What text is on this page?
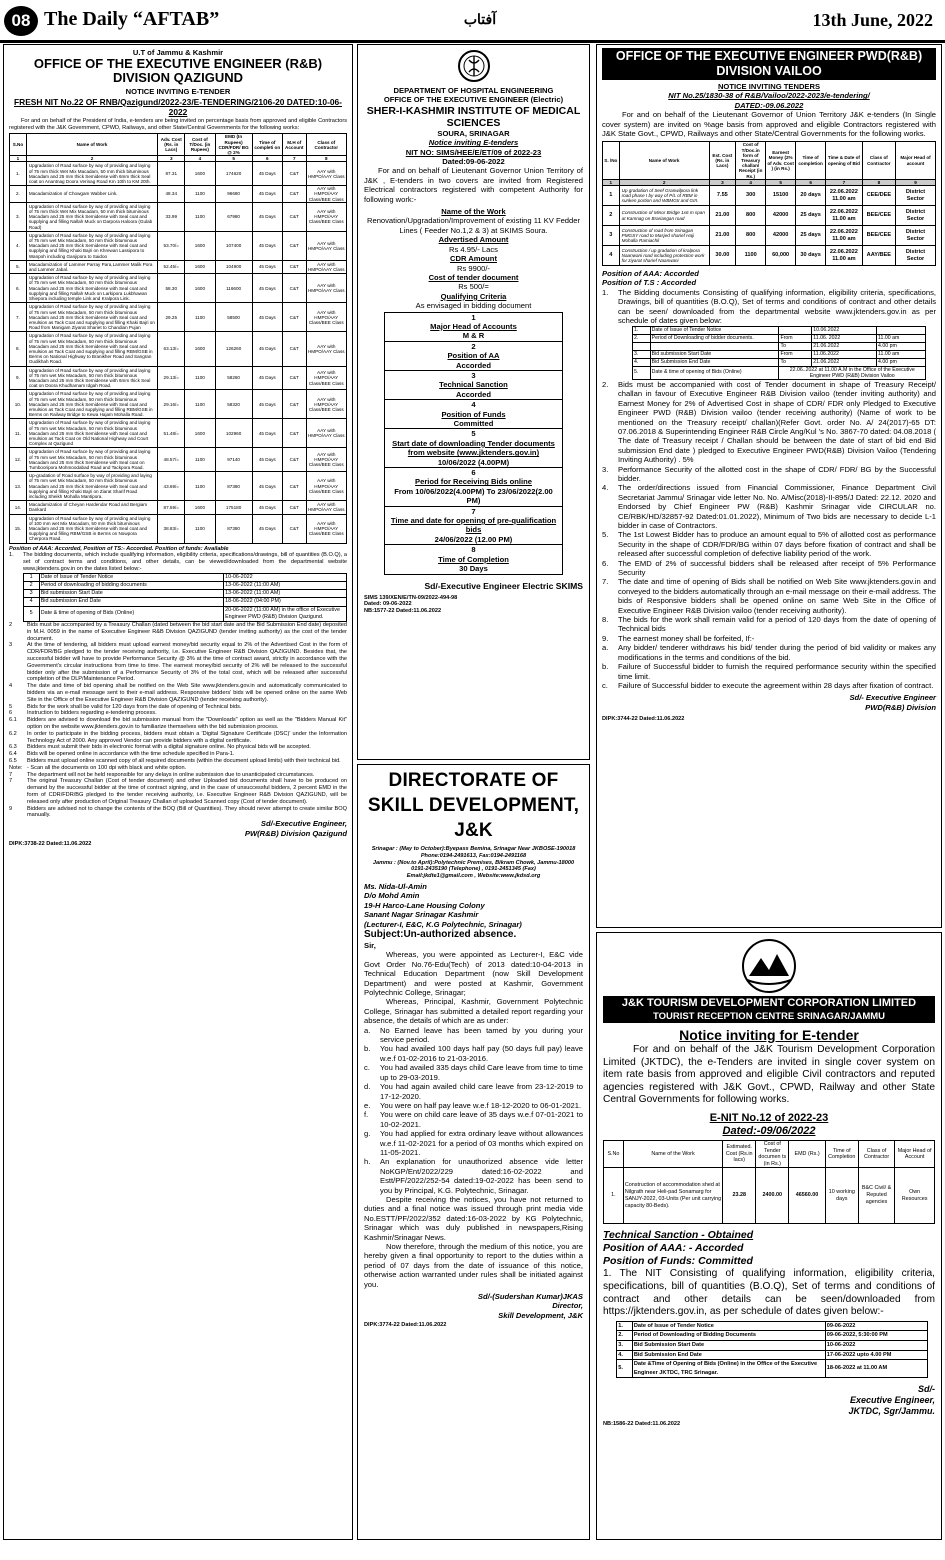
08 The Daily “AFTAB”	آفتاب	13th June, 2022
U.T of Jammu & Kashmir
OFFICE OF THE EXECUTIVE ENGINEER (R&B) DIVISION QAZIGUND
NOTICE INVITING E-TENDER
FRESH NIT No.22 OF RNB/Qazigund/2022-23/E-TENDERING/2106-20 DATED:10-06-2022
For and on behalf of the President of India, e-tenders are being invited on percentage basis from approved and eligible Contractors registered with the J&K Government, CPWD, Railways, and other State/Central Governments for the following works:
S.No	Name of Work	Adv. Cost (Rs. in Lacs)	Cost of T/Doc. (in Rupees)	EMD (In Rupees) CDR/FDR/ BG @ 2%	Time of completi on	M.H of Account	Class of Contractor
1	2	3	4	5	6	7	8
1.	Upgradation of Road surface by way of providing and laying of 75 mm thick Wet Mix Macadam, 50 mm thick bituminous Macadam and 25 mm thick Semidense with 6mm thick Seal coat on Anantnag Doora Verinag Road Km 10th to KM 20th.	87.31	1600	174620	45 Days	C&T	AAY with HMPO/AAY Class
2.	Macadamization of Chowgam Wabber Link.	48.34	1100	96680	45 Days	C&T	AAY with HMPO/AAY Class/BEE Class
3.	Upgradation of Road surface by way of providing and laying of 75 mm thick Wet Mix Macadam, 50 mm thick bituminous Macadam and 25 mm thick Semidense with Seal coat and supplying and filling Nallah Muck on Darpora Haloora (Gulab Road)	33.99	1100	67980	45 Days	C&T	AAY with HMPO/AAY Class/BEE Class
4.	Upgradation of Road surface by way of providing and laying of 75 mm wet Mix Macadam, 50 mm thick bituminous Macadam and 25 mm thick Semidense with Seal coat and supplying and filling Khaki Bajri on Khrewan Lassipora to Wanpoh including Ganjipora to Saidoo	53.70/=	1600	107400	45 Days	C&T	AAY with HMPO/AAY Class
5.	Macadamization of Lammer Parray Para,Lammer Malik Pora and Lammer Jabal.	52.45/=	1600	104900	45 Days	C&T	AAY with HMPO/AAY Class
6.	Upgradation of Road surface by way of providing and laying of 75 mm wet Mix Macadam, 50 mm thick bituminous Macadam and 25 mm thick Semidense with Seal coat and supplying and filling Nallah Muck on Larkipora Lukbhawan Shiepora including temple Link and Kralpora Link.	58.30	1600	116600	45 Days	C&T	AAY with HMPO/AAY Class
7.	Upgradation of Road surface by way of providing and laying of 75 mm wet Mix Macadam, 50 mm thick bituminous Macadam and 25 mm thick Semidense with Seal coat and emulsion as Tack Coat and supplying and filling Khaki Bajri on Road from Manigam Ziyarat Shariet to Chandian Pujan	29.25	1100	58500	45 Days	C&T	AAY with HMPO/AAY Class/BEE Class
8.	Upgradation of Road surface by way of providing and laying of 75 mm wet Mix Macadam, 50 mm thick bituminous Macadam and 25 mm thick Semidense with Seal coat and emulsion as Tack Coat and supplying and filling RBM/GSB in Berms on National Highway to Branikher Road and Sangran Gudikhah Road.	63.13/=	1600	126260	45 Days	C&T	AAY with HMPO/AAY Class
9.	Upgradation of Road surface by way of providing and laying of 75 mm wet Mix Macadam, 50 mm thick bituminous Macadam and 25 mm thick Semidense with 6mm thick Seal coat on Doora Khudhamam Idgah Road.	29.13/=	1100	58260	45 Days	C&T	AAY with HMPO/AAY Class/BEE Class
10.	Upgradation of Road surface by way of providing and laying of 75 mm wet Mix Macadam, 50 mm thick bituminous Macadam and 25 mm thick Semidense with Seal coat and emulsion as Tack Coat and supplying and filling RBM/GSB in Berms on Railway Bridge to Kewa Hajam Mohalla Road.	29.16/=	1100	58320	45 Days	C&T	AAY with HMPO/AAY Class/BEE Class
11.	Upgradation of Road surface by way of providing and laying of 75 mm wet Mix Macadam, 50 mm thick bituminous Macadam and 25 mm thick Semidense with Seal coat and emulsion as Tack Coat on Old National Highway and Court Complex at Qazigund	51.48/=	1600	102960	45 Days	C&T	AAY with HMPO/AAY Class
12.	Upgradation of Road surface by way of providing and laying of 75 mm wet Mix Macadam, 50 mm thick bituminous Macadam and 25 mm thick Semidense with Seal coat on Tumbooripora Mohmoodabad Road and Tackpora Road.	48.57/=	1100	97140	45 Days	C&T	AAY with HMPO/AAY Class/BEE Class
13.	Up-gradation of Road surface by way of providing and laying of 75 mm wet Mix Macadam, 50 mm thick bituminous Macadam and 25 mm thick Semidense with Seal coat and supplying and filling Khaki Bajri on Ziarat Sharif Road including Sheikh Mohalla Mantipora.	43.69/=	1100	87380	45 Days	C&T	AAY with HMPO/AAY Class/BEE Class
14.	Macadamization of Cheyan Hardendar Road and Bergiam Dankard	87.59/=	1600	175180	45 Days	C&T	AAY with HMPO/AAY Class
15.	Upgradation of Road surface by way of providing and laying of 100 mm wet Mix Macadam, 50 mm thick bituminous Macadam and 25 mm thick Semidense with Seal coat and supplying and filling RBM/GSB in Berms on Nowpora Cherpora Road.	38.83/=	1100	87380	45 Days	C&T	AAY with HMPO/AAY Class/BEE Class
Position of AAA: Accorded, Position of TS:- Accorded. Position of funds: Available
1. The bidding documents, which include qualifying information, eligibility criteria, specifications/drawings, bill of quantities (B.O.Q), a set of contract terms and conditions, and other details, can be viewed/downloaded from the departmental website www.jktenders.gov.in on the dates listed below:-
1	Date of Issue of Tender Notice	10-06-2022
2	Period of downloading of bidding documents	13-06-2022 (11:00 AM)
3	Bid submission Start Date	13-06-2022 (11:00 AM)
4	Bid submission End Date	18-06-2022 (04:00 PM)
5	Date & time of opening of Bids (Online)	20-06-2022 (11:00 AM) in the office of Executive Engineer PWD (R&B) Division Qazigund.
2	Bids must be accompanied by a Treasury Challan (dated between the bid start date and the Bid Submission End date) deposited in M.H. 0059 in the name of Executive Engineer R&B Division QAZIGUND (tender inviting authority) as the cost of the tender document.
3	At the time of tendering, all bidders must upload earnest money/bid security equal to 2% of the Advertised Cost in the form of CDR/FDR/BG pledged to the tender receiving authority, i.e. Executive Engineer R&B Division QAZIGUND. Besides that, the successful bidder will have to provide Performance Security @ 3% at the time of contract award, strictly in accordance with the Government's circular instructions from time to time. The earnest money/bid security of 2% will be released to the successful bidder only after the submission of a Performance Security of 3% of the total cost, which will be released after successful completion of the DLP/Maintenance Period.
4	The date and time of bid opening shall be notified on the Web Site www.jktenders.gov.in and automatically communicated to bidders via an e-mail message sent to their e-mail address. Responsive bidders' bids will be opened online on the same Web Site in the Office of the Executive Engineer R&B Division QAZIGUND (tender receiving authority).
5	Bids for the work shall be valid for 120 days from the date of opening of Technical bids.
6	Instruction to bidders regarding e-tendering process.
6.1 Bidders are advised to download the bid submission manual from the "Downloads" option as well as the "Bidders Manual Kit" option on the website www.jktenders.gov.in to familiarize themselves with the bid submission process.
6.2 In order to participate in the bidding process, bidders must obtain a 'Digital Signature Certificate (DSC)' under the Information Technology Act of 2000. Any approved Vendor can provide bidders with a digital certificate.
6.3 Bidders must submit their bids in electronic format with a digital signature online. No physical bids will be accepted.
6.4 Bids will be opened online in accordance with the time schedule specified in Para-1.
6.5 Bidders must upload online scanned copy of all required documents (within the document upload limits) with their technical bid.
Note: - Scan all the documents on 100 dpi with black and white option.
7	The department will not be held responsible for any delays in online submission due to unanticipated circumstances.
7	The original Treasury Challan (Cost of tender document) and other Uploaded bid documents shall have to be produced on demand by the successful bidder at the time of contract signing, and in the case of unsuccessful bidders, 2 percent EMD in the form of CDR/FDR/BG pledged to the tender receiving authority, i.e. Executive Engineer R&B Division QAZIGUND, will be released only after production of Original Treasury Challan of uploaded Scanned copy (Cost of tender document).
9	Bidders are advised not to change the contents of the BOQ (Bill of Quantities). They should never attempt to create similar BOQ manually.
Sd/-Executive Engineer,
PW(R&B) Division Qazigund
DIPK:3738-22 Dated:11.06.2022
DEPARTMENT OF HOSPITAL ENGINEERING
OFFICE OF THE EXECUTIVE ENGINEER (Electric)
SHER-I-KASHMIR INSTITUTE OF MEDICAL SCIENCES
SOURA, SRINAGAR
Notice inviting E-tenders
NIT NO: SIMS/HEE/E/ET/09 of 2022-23
Dated:09-06-2022
For and on behalf of Lieutenant Governor Union Territory of J&K , E-tenders in two covers are invited from Registered Electrical contractors registered with competent Authority for following work:-
Name of the Work
Renovation/Upgradation/Improvement of existing 11 KV Fedder Lines ( Feeder No.1,2 & 3) at SKIMS Soura.
Advertised Amount
Rs 4.95/- Lacs
CDR Amount
Rs 9900/-
Cost of tender document
Rs 500/=
Qualifying Criteria
As envisaged in bidding document
1
Major Head of Accounts
M & R
2
Position of AA
Accorded
3
Technical Sanction
Accorded
4
Position of Funds
Committed
5
Start date of downloading Tender documents from website (www.jktenders.gov.in)
10/06/2022 (4.00PM)
6
Period for Receiving Bids online
From 10/06/2022(4.00PM) To 23/06/2022(2.00 PM)
7
Time and date for opening of pre-qualification bids
24/06/2022 (12.00 PM)
8
Time of Completion
30 Days
Sd/-Executive Engineer Electric SKIMS
SIMS 139/XEN/E/TN-09/2022-494-98
Dated: 09-06-2022
NB:1577-22 Dated:11.06.2022
DIRECTORATE OF SKILL DEVELOPMENT, J&K
Srinagar : (May to October):Byepass Bemina, Srinagar Near JKBOSE-190018
Phone:0194-2491613, Fax:0194-2491168
Jammu : (Nov.to April):Polytechnic Premises, Bikram Chowk, Jammu-18000
0191-2435190 (Telephone) , 0191-2451345 (Fax)
Email:jkdte1@gmail.com , Website:www.jkdsd.org
Ms. Nida-Ul-Amin
D/o Mohd Amin
19-H Harco-Lane Housing Colony
Sanant Nagar Srinagar Kashmir
(Lecturer-I, E&C, K.G Polytechnic, Srinagar)
Subject:Un-authorized absence.
Sir,
Whereas, you were appointed as Lecturer-I, E&C vide Govt Order No.76-Edu(Tech) of 2013 dated:10-04-2013 in Technical Education Department (now Skill Development Department) and were posted at Kashmir, Government Polytechnic College, Srinagar;
Whereas, Principal, Kashmir, Government Polytechnic College, Srinagar has submitted a detailed report regarding your absence, the details of which are as under:
a. No Earned leave has been tamed by you during your service period.
b. You had availed 100 days half pay (50 days full pay) leave w.e.f 01-02-2016 to 21-03-2016.
c. You had availed 335 days child Care leave from time to time up to 29-03-2019.
d. You had again availed child care leave from 23-12-2019 to 17-12-2020.
e. You were on half pay leave w.e.f 18-12-2020 to 06-01-2021.
f. You were on child care leave of 35 days w.e.f 07-01-2021 to 10-02-2021.
g. You had applied for extra ordinary leave without allowances w.e.f 11-02-2021 for a period of 03 months which expired on 11-05-2021.
h. An explanation for unauthorized absence vide letter NoKGP/Ent/2022/229 dated:16-02-2022 and Estt/PF/2022/252-54 dated:19-02-2022 has been send to you by Principal, K.G. Polytechnic, Srinagar.
Despite receiving the notices, you have not returned to duties and a final notice was issued through print media vide No.ESTT/PF/2022/352 dated:16-03-2022 by KG Polytechnic, Srinagar which was duly published in newspapers,Rising Kashmir/Srinagar News.
Now therefore, through the medium of this notice, you are hereby given a final opportunity to report to the duties within a period of 07 days from the date of issuance of this notice, otherwise action warranted under rules shall be initiated against you.
Sd/-(Sudershan Kumar)JKAS
Director,
Skill Development, J&K
DIPK:3774-22 Dated:11.06.2022
OFFICE OF THE EXECUTIVE ENGINEER PWD(R&B) DIVISION VAILOO
NOTICE INVITING TENDERS
NIT No.25/1830-38 of R&B/Vailoo/2022-2023/e-tendering/
DATED:-09.06.2022
For and on behalf of the Lieutenant Governor of Union Territory J&K e-tenders (In Single cover system) are invited on %age basis from approved and eligible Contractors registered with J&K State Govt., CPWD, Railways and other State/Central Governments for the following works.
S. /No	Name of Work	Est. Cost (Rs. in Lacs)	Cost of T/Doc.in form of Treasury challan/ Receipt (in Rs.)	Earnest Money (2% of Adv. Cost ) (in Rs.)	Time of completion	Time & Date of opening of Bid	Class of Contractor	Major Head of account
1	2	3	4	5	6	7	8	9
1	Up gradation of Seef Granwilpora link road phase I by way of P/L of RBM in sunken portion and WBMGII and GIII.	7.55	300	15100	20 days	22.06.2022 11.00 am	CEE/DEE	District Sector
2	Construction of Minor Bridge 1x6 m span at Kamnag on Brariangan road	21.00	800	42000	25 days	22.06.2022 11.00 am	BEE/CEE	District Sector
3	Construction of road from Srinagan PMGSY road to Masjed sharief Haji Mohalla Ramiachil	21.00	800	42000	25 days	22.06.2022 11.00 am	BEE/CEE	District Sector
4	Construction / up gradation of kralpora Naanwani road including protection work for ziyarat sharief Naanwani	30.00	1100	60,000	30 days	22.06.2022 11.00 am	AAY/BEE	District Sector
Position of AAA: Accorded
Position of T.S : Accorded
1. The Bidding documents Consisting of qualifying information, eligibility criteria, specifications, Drawings, bill of quantities (B.O.Q), Set of terms and conditions of contract and other details can be seen/ downloaded from the departmental website www.jktenders.gov.in as per schedule of dates given below:
1.	Date of Issue of Tender Notice		10.06.2022	
2.	Period of Downloading of bidder documents.	From	11.06. 2022	11.00 am
		To	21.06.2022	4.00 pm
3.	Bid submission Start Date	From	11.06.2022	11.00 am
4.	Bid Submission End Date	To	21.06.2022	4.00 pm
5.	Date & time of opening of Bids (Online)	22.06..2022 at 11.00 A.M in the Office of the Executive Engineer PWD (R&B) Division Vailoo		
2. Bids must be accompanied with cost of Tender document in shape of Treasury Receipt/ challan in favour of Executive Engineer R&B Division vailoo (tender inviting authority) and Earnest Money for 2% of Advertised Cost in shape of CDR/ FDR only Pledged to Executive Engineer PWD (R&B) Division vailoo (tender receiving authority) (Name of work to be mentioned on the Treasury receipt/ challan)(Refer Govt. order No. A/ 24(2017)-65 DT: 07.06.2018 & Superintending Engineer R&B Circle Ang/Kul 's No. 3867-70 dated: 04.08.2018 ( The date of Treasury receipt / Challan should be between the date of start of bid end Bid submission End date ) pledged to Executive Engineer PWD(R&B) Division Vailoo (Tendering Inviting Authority) . 5%
3. Performance Security of the allotted cost in the shape of CDR/ FDR/ BG by the Successful bidder.
4. The order/directions issued from Financial Commissioner, Finance Department Civil Secretariat Jammu/ Srinagar vide letter No. No. A/Misc(2018)-II-895/J Dated: 22.12. 2020 and Endorsed by Chief Engineer PW (R&B) Kashmir Srinagar vide CIRCULAR no. CE/RBK/HD/32857-92 Dated:01.01.2022), Minimum of Two bids are necessary to decide L-1 bidder in case of Contractors.
5. The 1st Lowest Bidder has to produce an amount equal to 5% of allotted cost as performance Security in the shape of CDR/FDR/BG within 07 days before fixation of contract and shall be released after successful completion of defective liability period of the work.
6. The EMD of 2% of successful bidders shall be released after receipt of 5% Performance Security
7. The date and time of opening of Bids shall be notified on Web Site www.jktenders.gov.in and conveyed to the bidders automatically through an e-mail message on their e-mail address. The bids of Responsive bidders shall be opened online on same Web Site in the Office of Executive Engineer R&B Division vailoo (tender receiving authority).
8. The bids for the work shall remain valid for a period of 120 days from the date of opening of Technical bids
9. The earnest money shall be forfeited, If:-
a. Any bidder/ tenderer withdraws his bid/ tender during the period of bid validity or makes any modifications in the terms and conditions of the bid.
b. Failure of Successful bidder to furnish the required performance security within the specified time limit.
c. Failure of Successful bidder to execute the agreement within 28 days after fixation of contract.
Sd/- Executive Engineer
PWD(R&B) Division
DIPK:3744-22 Dated:11.06.2022
J&K TOURISM DEVELOPMENT CORPORATION LIMITED
TOURIST RECEPTION CENTRE SRINAGAR/JAMMU
Notice inviting for E-tender
For and on behalf of the J&K Tourism Development Corporation Limited (JKTDC), the e-Tenders are invited in single cover system on item rate basis from approved and eligible Civil contractors and reputed agencies registered with J&K Govt., CPWD, Railway and other State Central Governments for following works.
E-NIT No.12 of 2022-23
Dated:-09/06/2022
S.No	Name of the Work	Estimated. Cost (Rs.in lacs)	Cost of Tender documen ts (in Rs.)	EMD (Rs.)	Time of Completion	Class of Contractor	Major Head of Account
1.	Construction of accommodation shed at Nilgrath near Heli-pad Sonamarg for SANJY-2022, 03-Units (Per unit carrying capacity 80-Beds).	23.28	2400.00	46560.00	10 working days	B&C Civil/ & Reputed agencies	Own Resources
Technical Sanction - Obtained
Position of AAA: - Accorded
Position of Funds: Committed
1. The NIT Consisting of qualifying information, eligibility criteria, specifications, bill of quantities (B.O.Q), Set of terms and conditions of contract and other details can be seen/downloaded from https://jktenders.gov.in, as per schedule of dates given below:-
1.	Date of Issue of Tender Notice	09-06-2022
2.	Period of Downloading of Bidding Documents	09-06-2022, 5:30:00 PM
3.	Bid Submission Start Date	10-06-2022
4.	Bid Submission End Date	17-06-2022 upto 4.00 PM
5.	Date &Time of Opening of Bids (Online) in the Office of the Executive Engineer JKTDC, TRC Srinagar.	18-06-2022 at 11.00 AM
Sd/-
Executive Engineer,
JKTDC, Sgr/Jammu.
NB:1586-22 Dated:11.06.2022
